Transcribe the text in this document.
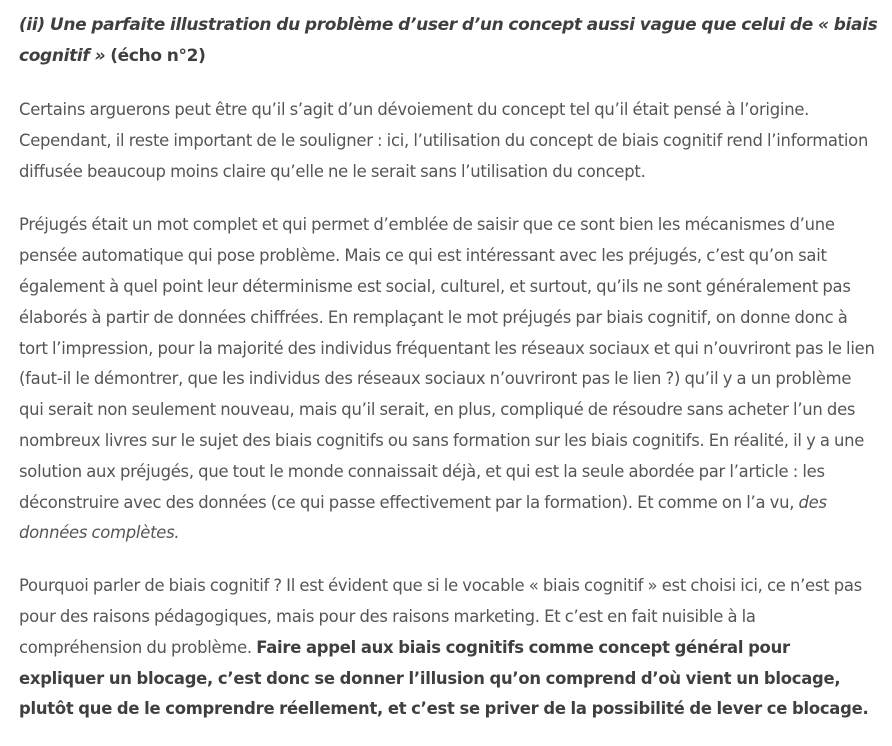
(ii) Une parfaite illustration du problème d’user d’un concept aussi vague que celui de « biais cognitif » (écho n°2)

Certains arguerons peut être qu’il s’agit d’un dévoiement du concept tel qu’il était pensé à l’origine. Cependant, il reste important de le souligner : ici, l’utilisation du concept de biais cognitif rend l’information diffusée beaucoup moins claire qu’elle ne le serait sans l’utilisation du concept.

Préjugés était un mot complet et qui permet d’emblée de saisir que ce sont bien les mécanismes d’une pensée automatique qui pose problème. Mais ce qui est intéressant avec les préjugés, c’est qu’on sait également à quel point leur déterminisme est social, culturel, et surtout, qu’ils ne sont généralement pas élaborés à partir de données chiffrées. En remplaçant le mot préjugés par biais cognitif, on donne donc à tort l’impression, pour la majorité des individus fréquentant les réseaux sociaux et qui n’ouvriront pas le lien (faut-il le démontrer, que les individus des réseaux sociaux n’ouvriront pas le lien ?) qu’il y a un problème qui serait non seulement nouveau, mais qu’il serait, en plus, compliqué de résoudre sans acheter l’un des nombreux livres sur le sujet des biais cognitifs ou sans formation sur les biais cognitifs. En réalité, il y a une solution aux préjugés, que tout le monde connaissait déjà, et qui est la seule abordée par l’article : les déconstruire avec des données (ce qui passe effectivement par la formation). Et comme on l’a vu, des données complètes.

Pourquoi parler de biais cognitif ? Il est évident que si le vocable « biais cognitif » est choisi ici, ce n’est pas pour des raisons pédagogiques, mais pour des raisons marketing. Et c’est en fait nuisible à la compréhension du problème. Faire appel aux biais cognitifs comme concept général pour expliquer un blocage, c’est donc se donner l’illusion qu’on comprend d’où vient un blocage, plutôt que de le comprendre réellement, et c’est se priver de la possibilité de lever ce blocage.
